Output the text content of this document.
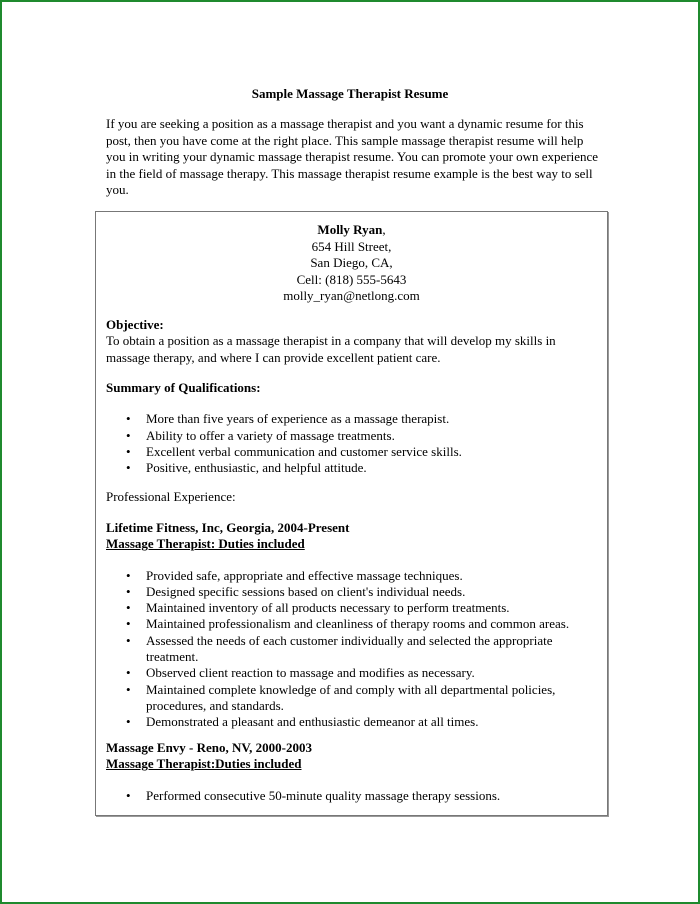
Sample Massage Therapist Resume
If you are seeking a position as a massage therapist and you want a dynamic resume for this post, then you have come at the right place. This sample massage therapist resume will help you in writing your dynamic massage therapist resume. You can promote your own experience in the field of massage therapy. This massage therapist resume example is the best way to sell you.
Molly Ryan,
654 Hill Street,
San Diego, CA,
Cell: (818) 555-5643
molly_ryan@netlong.com
Objective:
To obtain a position as a massage therapist in a company that will develop my skills in massage therapy, and where I can provide excellent patient care.
Summary of Qualifications:
• More than five years of experience as a massage therapist.
• Ability to offer a variety of massage treatments.
• Excellent verbal communication and customer service skills.
• Positive, enthusiastic, and helpful attitude.
Professional Experience:
Lifetime Fitness, Inc, Georgia, 2004-Present
Massage Therapist: Duties included
• Provided safe, appropriate and effective massage techniques.
• Designed specific sessions based on client's individual needs.
• Maintained inventory of all products necessary to perform treatments.
• Maintained professionalism and cleanliness of therapy rooms and common areas.
• Assessed the needs of each customer individually and selected the appropriate treatment.
• Observed client reaction to massage and modifies as necessary.
• Maintained complete knowledge of and comply with all departmental policies, procedures, and standards.
• Demonstrated a pleasant and enthusiastic demeanor at all times.
Massage Envy - Reno, NV, 2000-2003
Massage Therapist:Duties included
• Performed consecutive 50-minute quality massage therapy sessions.
